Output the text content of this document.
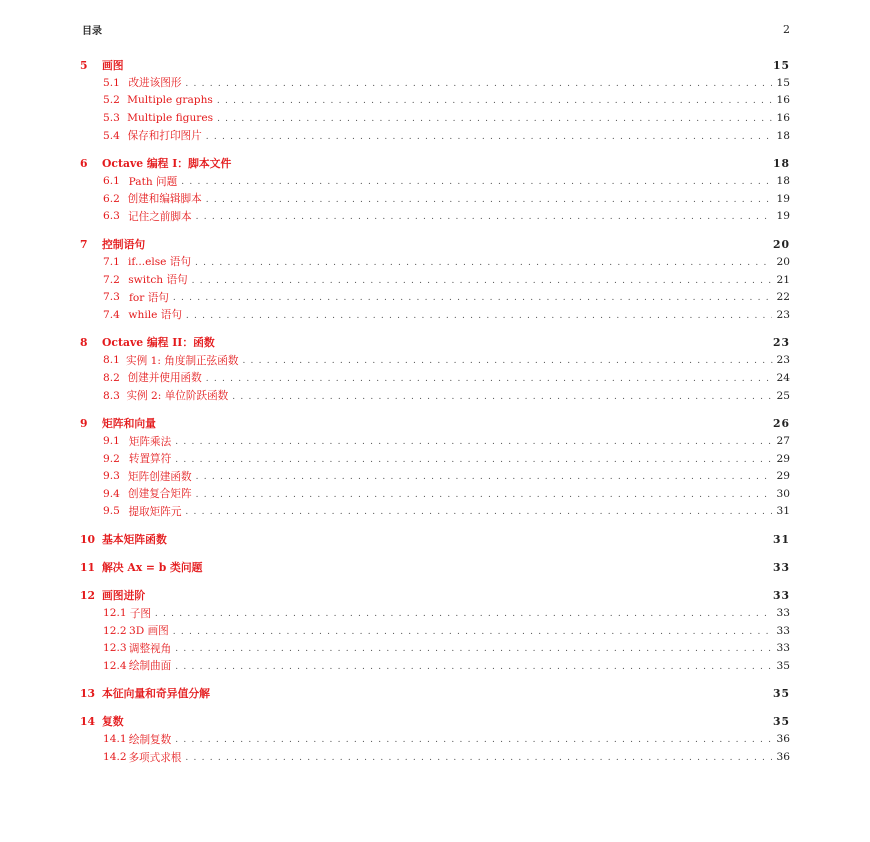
目录	2
5	画图	15
5.1 改进该图形 . . .	15
5.2 Multiple graphs . . .	16
5.3 Multiple figures . . .	16
5.4 保存和打印图片 . . .	18
6	Octave 编程 I：脚本文件	18
6.1 Path 问题 . . .	18
6.2 创建和编辑脚本 . . .	19
6.3 记住之前脚本 . . .	19
7	控制语句	20
7.1 if...else 语句 . . .	20
7.2 switch 语句 . . .	21
7.3 for 语句 . . .	22
7.4 while 语句 . . .	23
8	Octave 编程 II：函数	23
8.1 实例 1: 角度制正弦函数 . . .	23
8.2 创建并使用函数 . . .	24
8.3 实例 2: 单位阶跃函数 . . .	25
9	矩阵和向量	26
9.1 矩阵乘法 . . .	27
9.2 转置算符 . . .	29
9.3 矩阵创建函数 . . .	29
9.4 创建复合矩阵 . . .	30
9.5 提取矩阵元 . . .	31
10 基本矩阵函数	31
11 解决 Ax = b 类问题	33
12 画图进阶	33
12.1 子图 . . .	33
12.2 3D 画图 . . .	33
12.3 调整视角 . . .	33
12.4 绘制曲面 . . .	35
13 本征向量和奇异值分解	35
14 复数	35
14.1 绘制复数 . . .	36
14.2 多项式求根 . . .	36
